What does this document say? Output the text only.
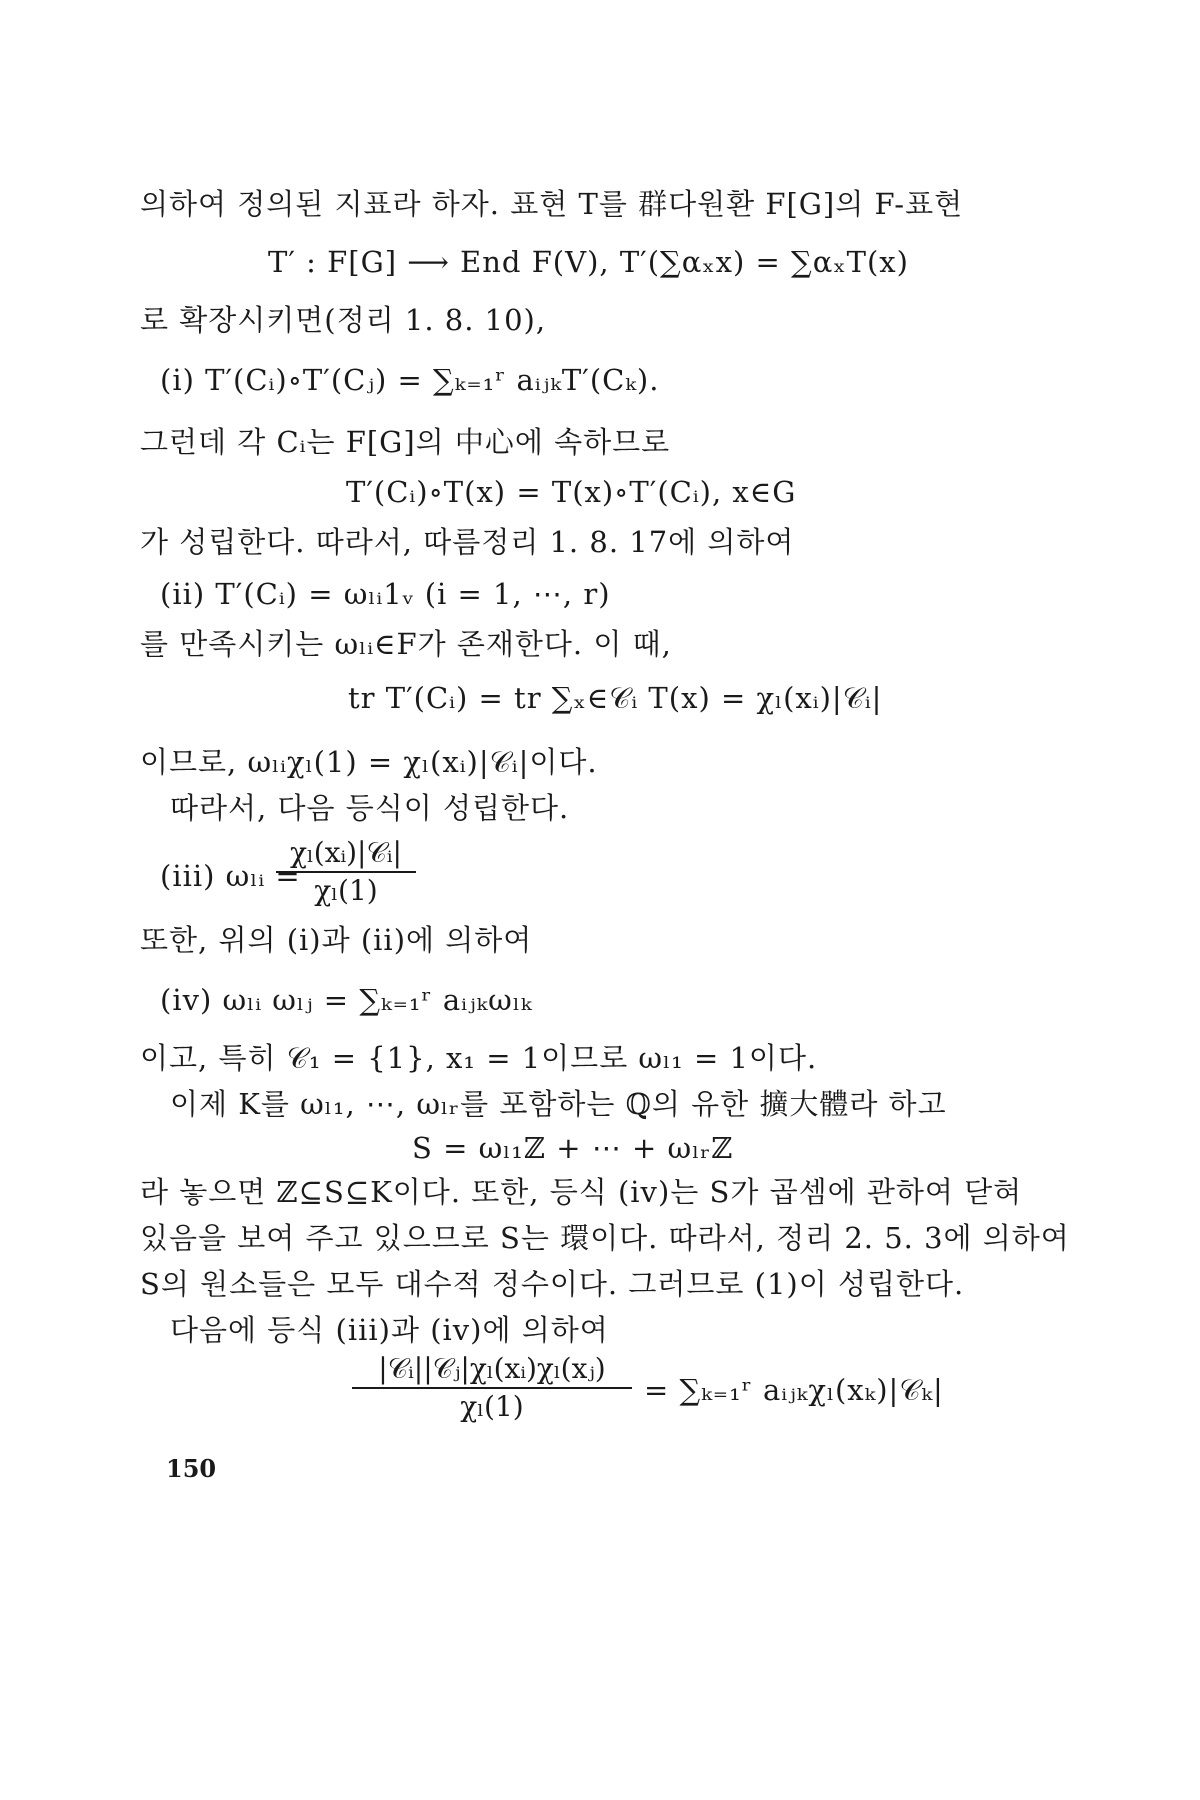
의하여 정의된 지표라 하자. 표현 T를 群다원환 F[G]의 F-표현
T′ : F[G] ⟶ End F(V), T′(∑αₓx) = ∑αₓT(x)
로 확장시키면(정리 1. 8. 10),
(i) T′(Cᵢ)∘T′(Cⱼ) = ∑ₖ₌₁ʳ aᵢⱼₖT′(Cₖ).
그런데 각 Cᵢ는 F[G]의 中心에 속하므로
T′(Cᵢ)∘T(x) = T(x)∘T′(Cᵢ), x∈G
가 성립한다. 따라서, 따름정리 1. 8. 17에 의하여
(ii) T′(Cᵢ) = ωₗᵢ1ᵥ (i = 1, ⋯, r)
를 만족시키는 ωₗᵢ∈F가 존재한다. 이 때,
tr T′(Cᵢ) = tr ∑ₓ∈𝒞ᵢ T(x) = χₗ(xᵢ)|𝒞ᵢ|
이므로, ωₗᵢχₗ(1) = χₗ(xᵢ)|𝒞ᵢ|이다.
따라서, 다음 등식이 성립한다.
(iii) ωₗᵢ =
χₗ(xᵢ)|𝒞ᵢ|
χₗ(1)
또한, 위의 (i)과 (ii)에 의하여
(iv) ωₗᵢ ωₗⱼ = ∑ₖ₌₁ʳ aᵢⱼₖωₗₖ
이고, 특히 𝒞₁ = {1}, x₁ = 1이므로 ωₗ₁ = 1이다.
이제 K를 ωₗ₁, ⋯, ωₗᵣ를 포함하는 ℚ의 유한 擴大體라 하고
S = ωₗ₁ℤ + ⋯ + ωₗᵣℤ
라 놓으면 ℤ⊆S⊆K이다. 또한, 등식 (iv)는 S가 곱셈에 관하여 닫혀
있음을 보여 주고 있으므로 S는 環이다. 따라서, 정리 2. 5. 3에 의하여
S의 원소들은 모두 대수적 정수이다. 그러므로 (1)이 성립한다.
다음에 등식 (iii)과 (iv)에 의하여
|𝒞ᵢ||𝒞ⱼ|χₗ(xᵢ)χₗ(xⱼ)
χₗ(1)	= ∑ₖ₌₁ʳ aᵢⱼₖχₗ(xₖ)|𝒞ₖ|
150
